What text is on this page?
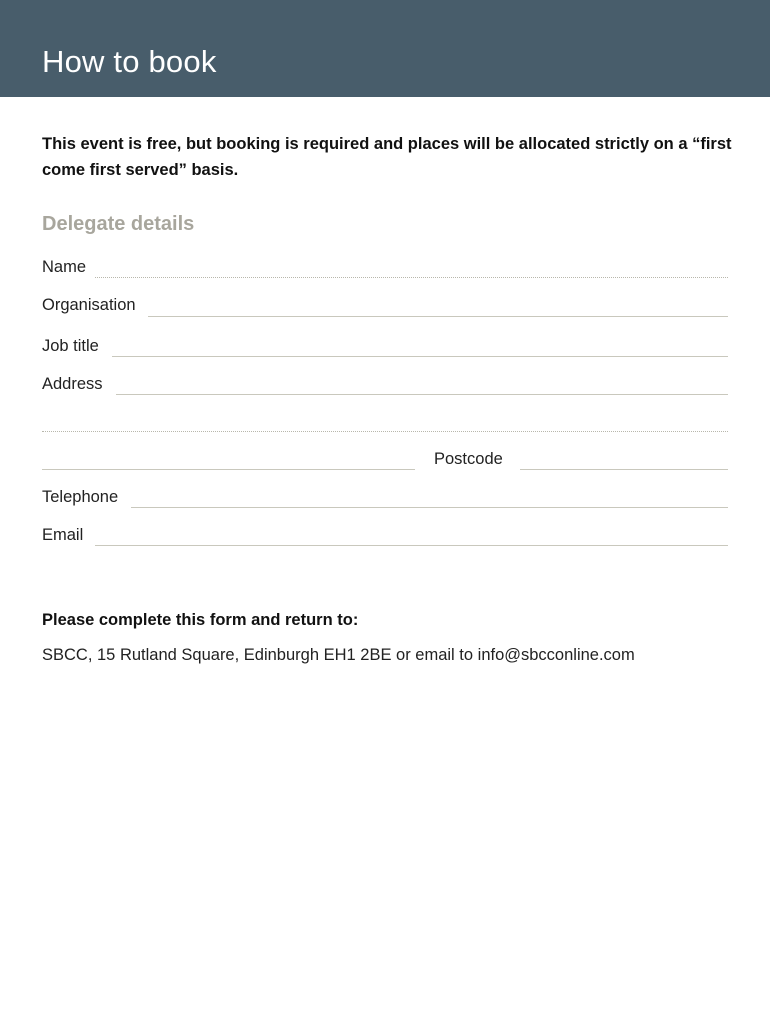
How to book
This event is free, but booking is required and places will be allocated strictly on a “first come first served” basis.
Delegate details
Name
Organisation
Job title
Address
Postcode
Telephone
Email
Please complete this form and return to:
SBCC, 15 Rutland Square, Edinburgh EH1 2BE or email to info@sbcconline.com
